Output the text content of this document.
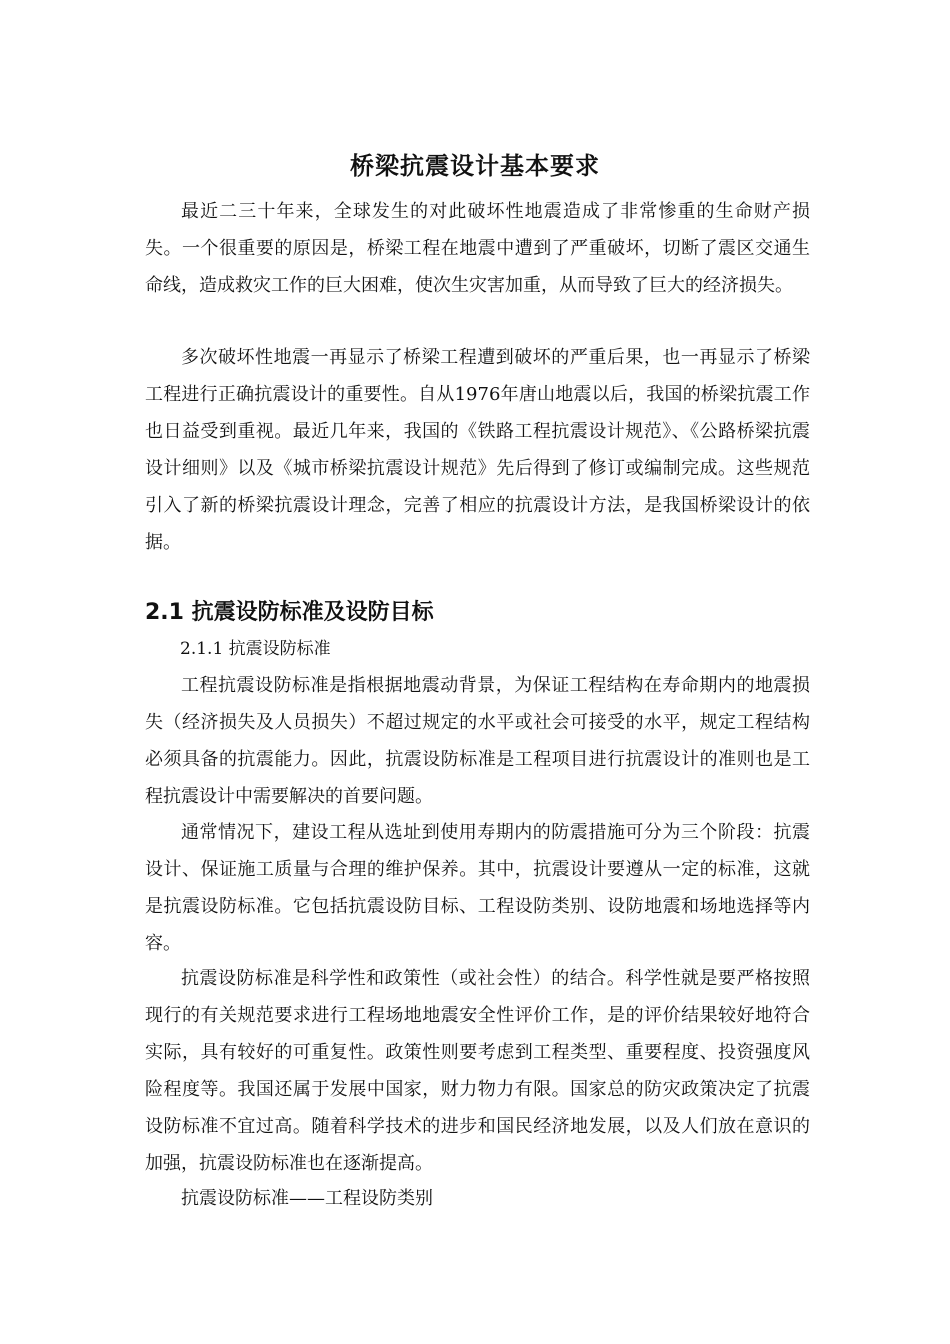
桥梁抗震设计基本要求

最近二三十年来，全球发生的对此破坏性地震造成了非常惨重的生命财产损失。一个很重要的原因是，桥梁工程在地震中遭到了严重破坏，切断了震区交通生命线，造成救灾工作的巨大困难，使次生灾害加重，从而导致了巨大的经济损失。

多次破坏性地震一再显示了桥梁工程遭到破坏的严重后果，也一再显示了桥梁工程进行正确抗震设计的重要性。自从1976年唐山地震以后，我国的桥梁抗震工作也日益受到重视。最近几年来，我国的《铁路工程抗震设计规范》、《公路桥梁抗震设计细则》以及《城市桥梁抗震设计规范》先后得到了修订或编制完成。这些规范引入了新的桥梁抗震设计理念，完善了相应的抗震设计方法，是我国桥梁设计的依据。

2.1 抗震设防标准及设防目标
2.1.1 抗震设防标准

工程抗震设防标准是指根据地震动背景，为保证工程结构在寿命期内的地震损失（经济损失及人员损失）不超过规定的水平或社会可接受的水平，规定工程结构必须具备的抗震能力。因此，抗震设防标准是工程项目进行抗震设计的准则也是工程抗震设计中需要解决的首要问题。

通常情况下，建设工程从选址到使用寿期内的防震措施可分为三个阶段：抗震设计、保证施工质量与合理的维护保养。其中，抗震设计要遵从一定的标准，这就是抗震设防标准。它包括抗震设防目标、工程设防类别、设防地震和场地选择等内容。

抗震设防标准是科学性和政策性（或社会性）的结合。科学性就是要严格按照现行的有关规范要求进行工程场地地震安全性评价工作，是的评价结果较好地符合实际，具有较好的可重复性。政策性则要考虑到工程类型、重要程度、投资强度风险程度等。我国还属于发展中国家，财力物力有限。国家总的防灾政策决定了抗震设防标准不宜过高。随着科学技术的进步和国民经济地发展，以及人们放在意识的加强，抗震设防标准也在逐渐提高。

抗震设防标准——工程设防类别
